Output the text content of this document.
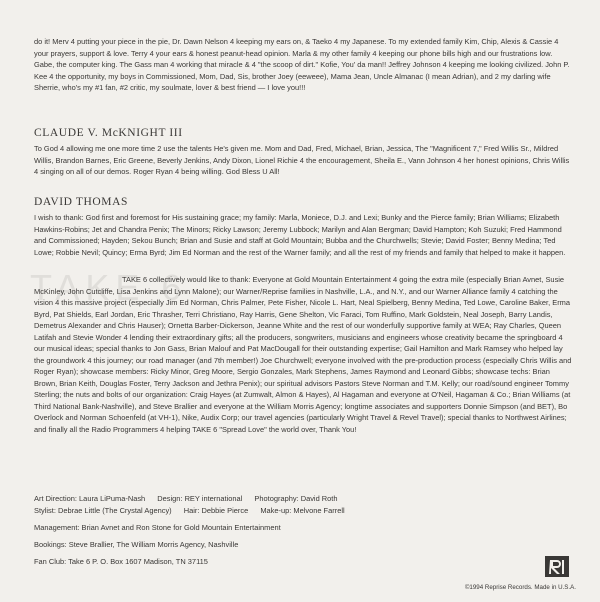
do it! Merv 4 putting your piece in the pie, Dr. Dawn Nelson 4 keeping my ears on, & Taeko 4 my Japanese. To my extended family Kim, Chip, Alexis & Cassie 4 your prayers, support & love. Terry 4 your ears & honest peanut-head opinion. Marla & my other family 4 keeping our phone bills high and our frustrations low. Gabe, the computer king. The Gass man 4 working that miracle & 4 "the scoop of dirt." Kofie, You' da man!! Jeffrey Johnson 4 keeping me looking civilized. John P. Kee 4 the opportunity, my boys in Commissioned, Mom, Dad, Sis, brother Joey (eeweee), Mama Jean, Uncle Almanac (I mean Adrian), and 2 my darling wife Sherrie, who's my #1 fan, #2 critic, my soulmate, lover & best friend — I love you!!!

CLAUDE V. McKNIGHT III

To God 4 allowing me one more time 2 use the talents He's given me. Mom and Dad, Fred, Michael, Brian, Jessica, The "Magnificent 7," Fred Willis Sr., Mildred Willis, Brandon Barnes, Eric Greene, Beverly Jenkins, Andy Dixon, Lionel Richie 4 the encouragement, Sheila E., Vann Johnson 4 her honest opinions, Chris Willis 4 singing on all of our demos. Roger Ryan 4 being willing. God Bless U All!

DAVID THOMAS

I wish to thank: God first and foremost for His sustaining grace; my family: Marla, Moniece, D.J. and Lexi; Bunky and the Pierce family; Brian Williams; Elizabeth Hawkins-Robins; Jet and Chandra Penix; The Minors; Ricky Lawson; Jeremy Lubbock; Marilyn and Alan Bergman; David Hampton; Koh Suzuki; Fred Hammond and Commissioned; Hayden; Sekou Bunch; Brian and Susie and staff at Gold Mountain; Bubba and the Churchwells; Stevie; David Foster; Benny Medina; Ted Lowe; Robbie Nevil; Quincy; Erma Byrd; Jim Ed Norman and the rest of the Warner family; and all the rest of my friends and family that helped to make it happen.

TAKE 6

TAKE 6 collectively would like to thank: Everyone at Gold Mountain Entertainment 4 going the extra mile (especially Brian Avnet, Susie McKinley, John Cutcliffe, Lisa Jenkins and Lynn Malone); our Warner/Reprise families in Nashville, L.A., and N.Y., and our Warner Alliance family 4 catching the vision 4 this massive project (especially Jim Ed Norman, Chris Palmer, Pete Fisher, Nicole L. Hart, Neal Spielberg, Benny Medina, Ted Lowe, Caroline Baker, Erma Byrd, Pat Shields, Earl Jordan, Eric Thrasher, Terri Christiano, Ray Harris, Gene Shelton, Vic Faraci, Tom Ruffino, Mark Goldstein, Neal Joseph, Barry Landis, Demetrus Alexander and Chris Hauser); Ornetta Barber-Dickerson, Jeanne White and the rest of our wonderfully supportive family at WEA; Ray Charles, Queen Latifah and Stevie Wonder 4 lending their extraordinary gifts; all the producers, songwriters, musicians and engineers whose creativity became the springboard 4 our musical ideas; special thanks to Jon Gass, Brian Malouf and Pat MacDougall for their outstanding expertise; Gail Hamilton and Mark Ramsey who helped lay the groundwork 4 this journey; our road manager (and 7th member!) Joe Churchwell; everyone involved with the pre-production process (especially Chris Willis and Roger Ryan); showcase members: Ricky Minor, Greg Moore, Sergio Gonzales, Mark Stephens, James Raymond and Leonard Gibbs; showcase techs: Brian Brown, Brian Keith, Douglas Foster, Terry Jackson and Jethra Penix); our spiritual advisors Pastors Steve Norman and T.M. Kelly; our road/sound engineer Tommy Sterling; the nuts and bolts of our organization: Craig Hayes (at Zumwalt, Almon & Hayes), Al Hagaman and everyone at O'Neil, Hagaman & Co.; Brian Williams (at Third National Bank-Nashville), and Steve Brallier and everyone at the William Morris Agency; longtime associates and supporters Donnie Simpson (and BET), Bo Overlock and Norman Schoenfeld (at VH-1), Nike, Audix Corp; our travel agencies (particularly Wright Travel & Revel Travel); special thanks to Northwest Airlines; and finally all the Radio Programmers 4 helping TAKE 6 "Spread Love" the world over, Thank You!

Art Direction: Laura LiPuma-Nash Design: REY international Photography: David Roth
Stylist: Debrae Little (The Crystal Agency) Hair: Debbie Pierce Make-up: Melvone Farrell
Management: Brian Avnet and Ron Stone for Gold Mountain Entertainment
Bookings: Steve Brallier, The William Morris Agency, Nashville
Fan Club: Take 6 P. O. Box 1607 Madison, TN 37115
©1994 Reprise Records. Made in U.S.A.
